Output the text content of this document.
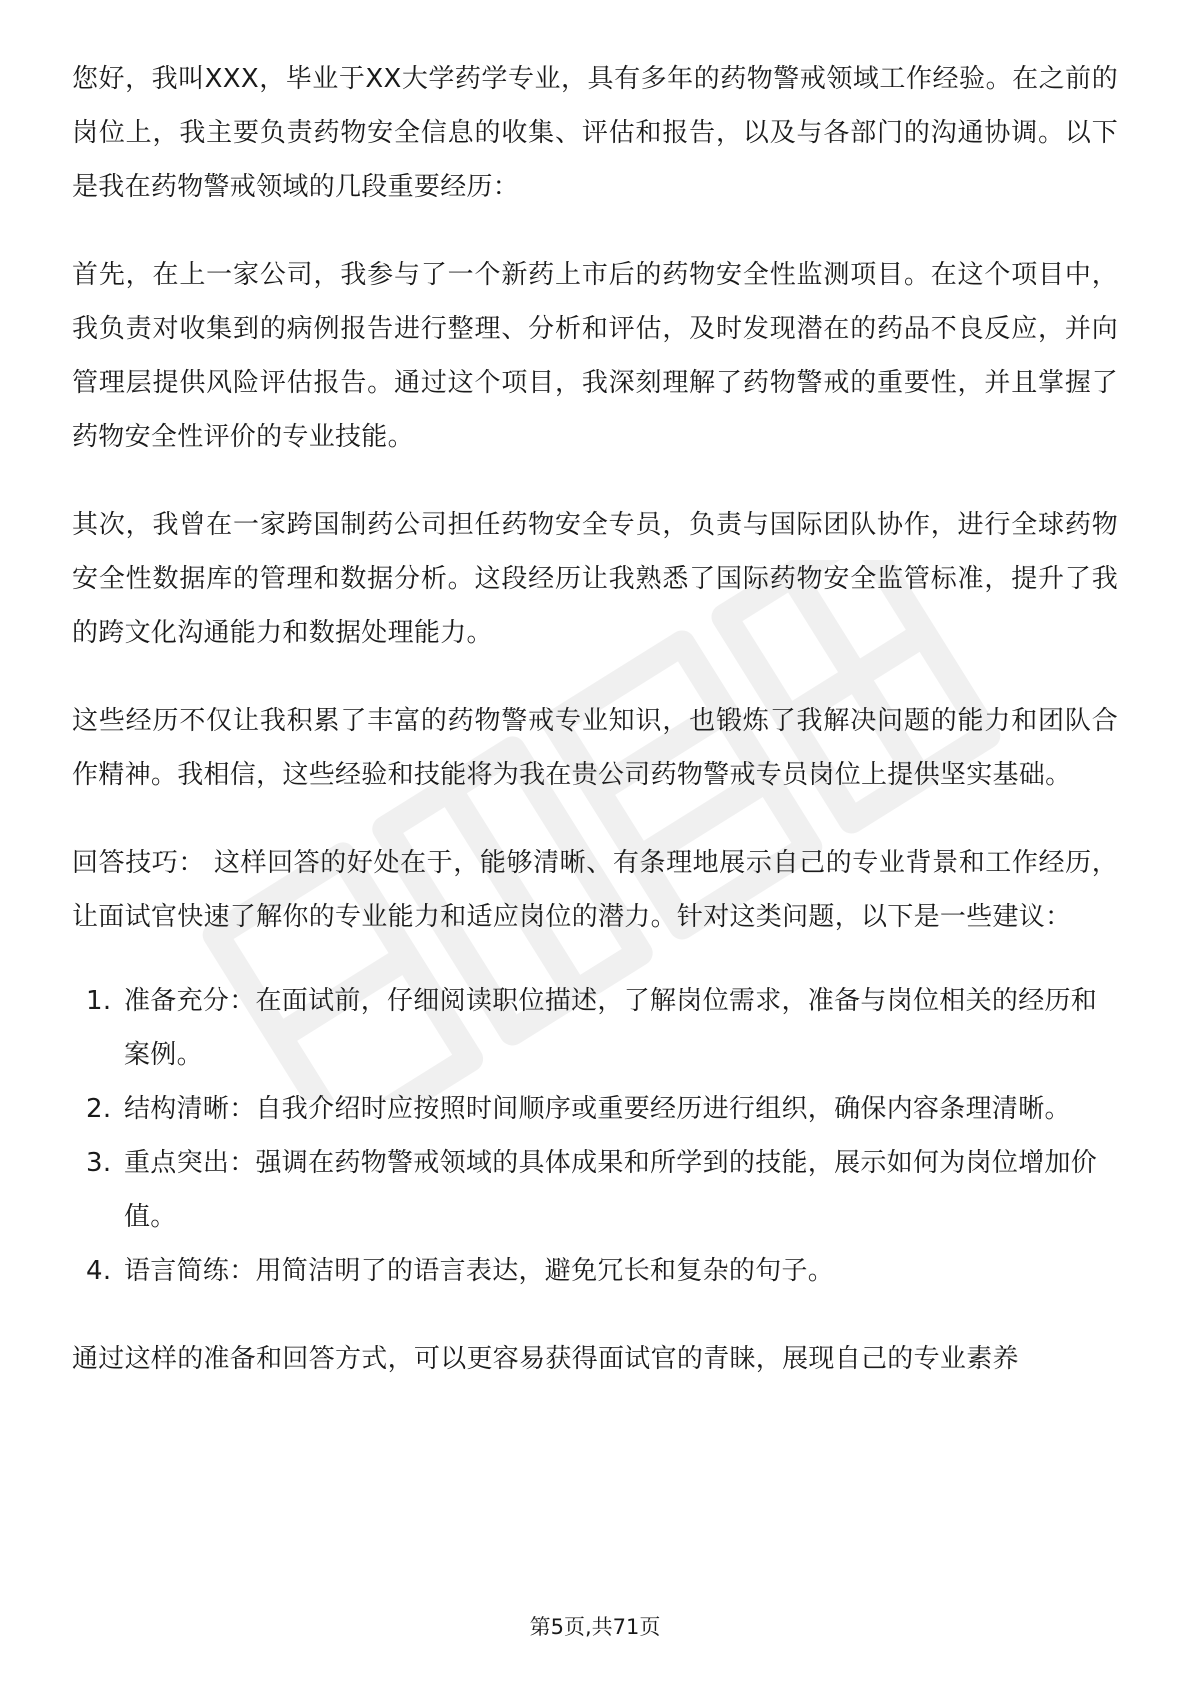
您好，我叫XXX，毕业于XX大学药学专业，具有多年的药物警戒领域工作经验。在之前的岗位上，我主要负责药物安全信息的收集、评估和报告，以及与各部门的沟通协调。以下是我在药物警戒领域的几段重要经历：

首先，在上一家公司，我参与了一个新药上市后的药物安全性监测项目。在这个项目中，我负责对收集到的病例报告进行整理、分析和评估，及时发现潜在的药品不良反应，并向管理层提供风险评估报告。通过这个项目，我深刻理解了药物警戒的重要性，并且掌握了药物安全性评价的专业技能。

其次，我曾在一家跨国制药公司担任药物安全专员，负责与国际团队协作，进行全球药物安全性数据库的管理和数据分析。这段经历让我熟悉了国际药物安全监管标准，提升了我的跨文化沟通能力和数据处理能力。

这些经历不仅让我积累了丰富的药物警戒专业知识，也锻炼了我解决问题的能力和团队合作精神。我相信，这些经验和技能将为我在贵公司药物警戒专员岗位上提供坚实基础。

回答技巧： 这样回答的好处在于，能够清晰、有条理地展示自己的专业背景和工作经历，让面试官快速了解你的专业能力和适应岗位的潜力。针对这类问题，以下是一些建议：

1. 准备充分：在面试前，仔细阅读职位描述，了解岗位需求，准备与岗位相关的经历和案例。
2. 结构清晰：自我介绍时应按照时间顺序或重要经历进行组织，确保内容条理清晰。
3. 重点突出：强调在药物警戒领域的具体成果和所学到的技能，展示如何为岗位增加价值。
4. 语言简练：用简洁明了的语言表达，避免冗长和复杂的句子。

通过这样的准备和回答方式，可以更容易获得面试官的青睐，展现自己的专业素养

第5页,共71页
